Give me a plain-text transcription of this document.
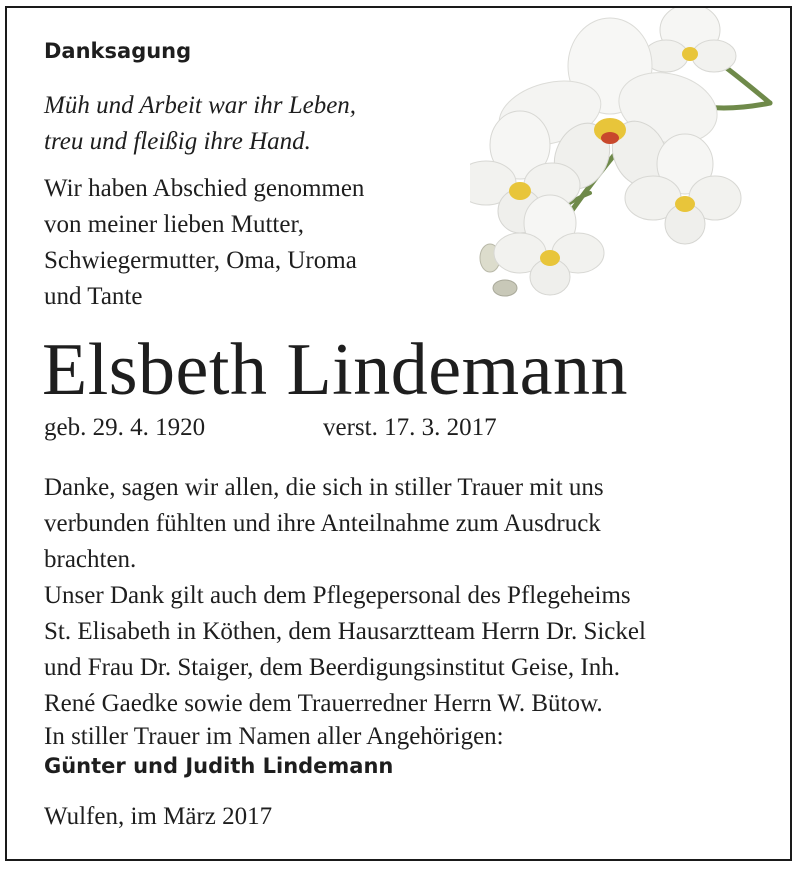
Danksagung
Müh und Arbeit war ihr Leben,
treu und fleißig ihre Hand.
Wir haben Abschied genommen
von meiner lieben Mutter,
Schwiegermutter, Oma, Uroma
und Tante
Elsbeth Lindemann
geb. 29. 4. 1920	verst. 17. 3. 2017
Danke, sagen wir allen, die sich in stiller Trauer mit uns
verbunden fühlten und ihre Anteilnahme zum Ausdruck
brachten.
Unser Dank gilt auch dem Pflegepersonal des Pflegeheims
St. Elisabeth in Köthen, dem Hausarztteam Herrn Dr. Sickel
und Frau Dr. Staiger, dem Beerdigungsinstitut Geise, Inh.
René Gaedke sowie dem Trauerredner Herrn W. Bütow.
In stiller Trauer im Namen aller Angehörigen:
Günter und Judith Lindemann
Wulfen, im März 2017
